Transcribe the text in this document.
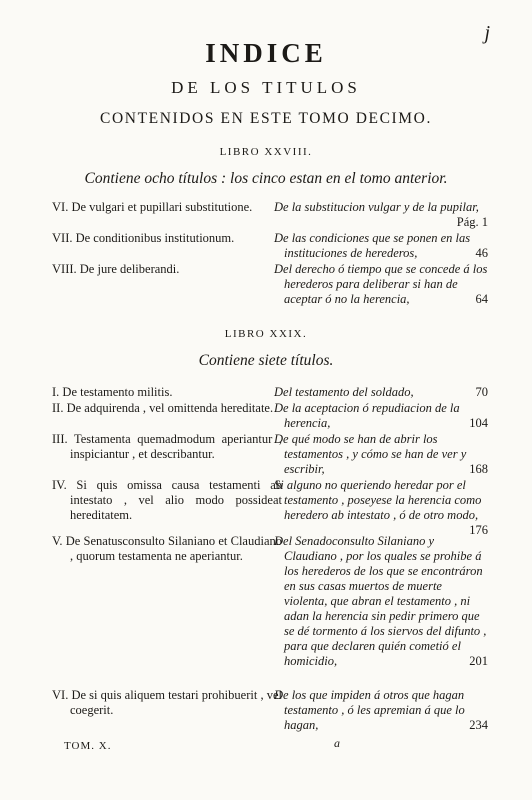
j
INDICE
DE LOS TITULOS
CONTENIDOS EN ESTE TOMO DECIMO.
LIBRO XXVIII.
Contiene ocho títulos : los cinco estan en el tomo anterior.
VI. De vulgari et pupillari substitutione.	De la substitucion vulgar y de la pupilar,
Pág. 1
VII. De conditionibus institutionum.	De las condiciones que se ponen en las instituciones de herederos,	46
VIII. De jure deliberandi.	Del derecho ó tiempo que se concede á los herederos para deliberar si han de aceptar ó no la herencia,	64
LIBRO XXIX.
Contiene siete títulos.
I. De testamento militis.	Del testamento del soldado,	70
II. De adquirenda , vel omittenda hereditate. De la aceptacion ó repudiacion de la herencia,	104
III. Testamenta quemadmodum aperiantur , inspiciantur , et describantur.
De qué modo se han de abrir los testamentos , y cómo se han de ver y escribir,	168
IV. Si quis omissa causa testamenti ab intestato , vel alio modo possideat hereditatem.
Si alguno no queriendo heredar por el testamento , poseyese la herencia como heredero ab intestato , ó de otro modo,
176
V. De Senatusconsulto Silaniano et Claudiano , quorum testamenta ne aperiantur.
Del Senadoconsulto Silaniano y Claudiano , por los quales se prohibe á los herederos de los que se encontráron en sus casas muertos de muerte violenta, que abran el testamento , ni adan la herencia sin pedir primero que se dé tormento á los siervos del difunto , para que declaren quién cometió el homicidio,	201
VI. De si quis aliquem testari prohibuerit , vel coegerit.
De los que impiden á otros que hagan testamento , ó les apremian á que lo hagan,	234
TOM. X.	a
